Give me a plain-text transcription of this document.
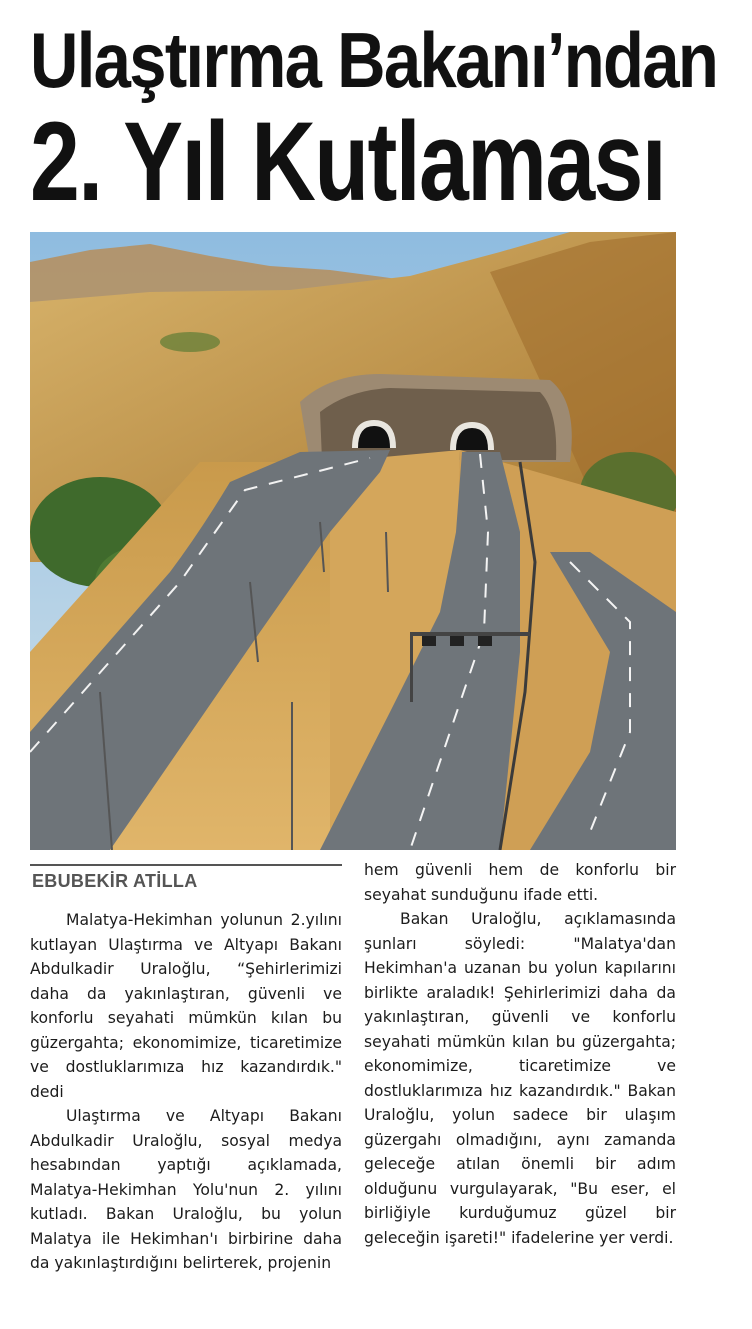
Ulaştırma Bakanı’ndan
2. Yıl Kutlaması
EBUBEKİR ATİLLA

Malatya-Hekimhan yolunun 2.yılını kutlayan Ulaştırma ve Altyapı Bakanı Abdulkadir Uraloğlu, “Şehirlerimizi daha da yakınlaştıran, güvenli ve konforlu seyahati mümkün kılan bu güzergahta; ekonomimize, ticaretimize ve dostluklarımıza hız kazandırdık." dedi

Ulaştırma ve Altyapı Bakanı Abdulkadir Uraloğlu, sosyal medya hesabından yaptığı açıklamada, Malatya-Hekimhan Yolu'nun 2. yılını kutladı. Bakan Uraloğlu, bu yolun Malatya ile Hekimhan'ı birbirine daha da yakınlaştırdığını belirterek, projenin

hem güvenli hem de konforlu bir seyahat sunduğunu ifade etti.

Bakan Uraloğlu, açıklamasında şunları söyledi: "Malatya'dan Hekimhan'a uzanan bu yolun kapılarını birlikte araladık! Şehirlerimizi daha da yakınlaştıran, güvenli ve konforlu seyahati mümkün kılan bu güzergahta; ekonomimize, ticaretimize ve dostluklarımıza hız kazandırdık." Bakan Uraloğlu, yolun sadece bir ulaşım güzergahı olmadığını, aynı zamanda geleceğe atılan önemli bir adım olduğunu vurgulayarak, "Bu eser, el birliğiyle kurduğumuz güzel bir geleceğin işareti!" ifadelerine yer verdi.
